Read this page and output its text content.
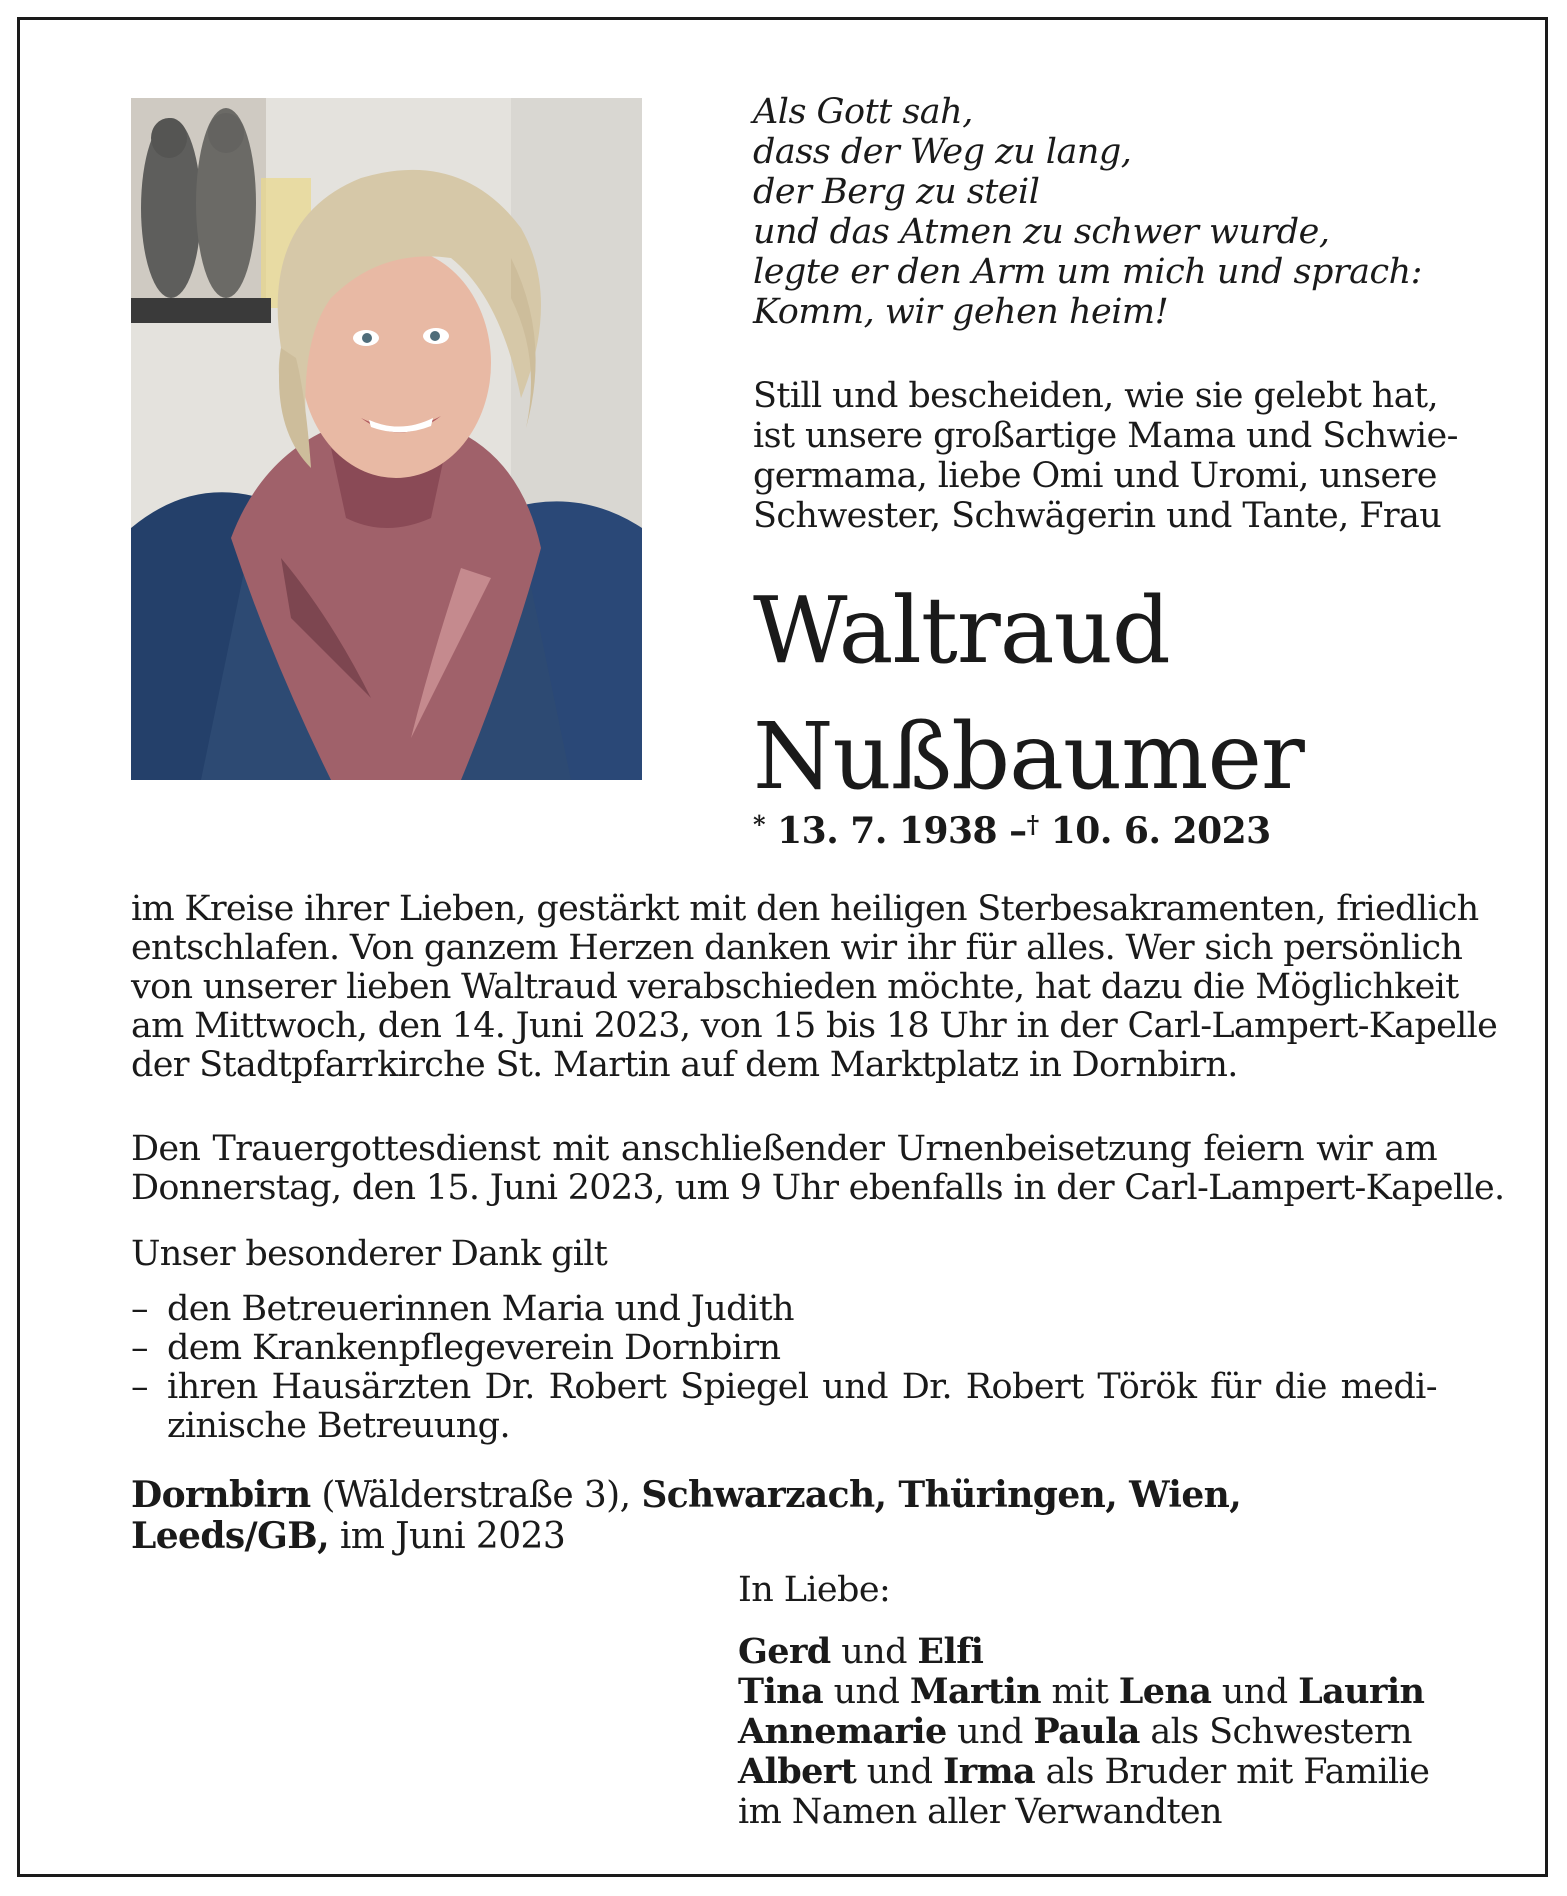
Als Gott sah,
dass der Weg zu lang,
der Berg zu steil
und das Atmen zu schwer wurde,
legte er den Arm um mich und sprach:
Komm, wir gehen heim!
Still und bescheiden, wie sie gelebt hat,
ist unsere großartige Mama und Schwie-
germama, liebe Omi und Uromi, unsere
Schwester, Schwägerin und Tante, Frau
Waltraud
Nußbaumer
* 13. 7. 1938 –† 10. 6. 2023
im Kreise ihrer Lieben, gestärkt mit den heiligen Sterbesakramenten, friedlich
entschlafen. Von ganzem Herzen danken wir ihr für alles. Wer sich persönlich
von unserer lieben Waltraud verabschieden möchte, hat dazu die Möglichkeit
am Mittwoch, den 14. Juni 2023, von 15 bis 18 Uhr in der Carl-Lampert-Kapelle
der Stadtpfarrkirche St. Martin auf dem Marktplatz in Dornbirn.
Den Trauergottesdienst mit anschließender Urnenbeisetzung feiern wir am
Donnerstag, den 15. Juni 2023, um 9 Uhr ebenfalls in der Carl-Lampert-Kapelle.
Unser besonderer Dank gilt
– den Betreuerinnen Maria und Judith
– dem Krankenpflegeverein Dornbirn
– ihren Hausärzten Dr. Robert Spiegel und Dr. Robert Török für die medi-
zinische Betreuung.
Dornbirn (Wälderstraße 3), Schwarzach, Thüringen, Wien,
Leeds/GB, im Juni 2023
In Liebe:
Gerd und Elfi
Tina und Martin mit Lena und Laurin
Annemarie und Paula als Schwestern
Albert und Irma als Bruder mit Familie
im Namen aller Verwandten
